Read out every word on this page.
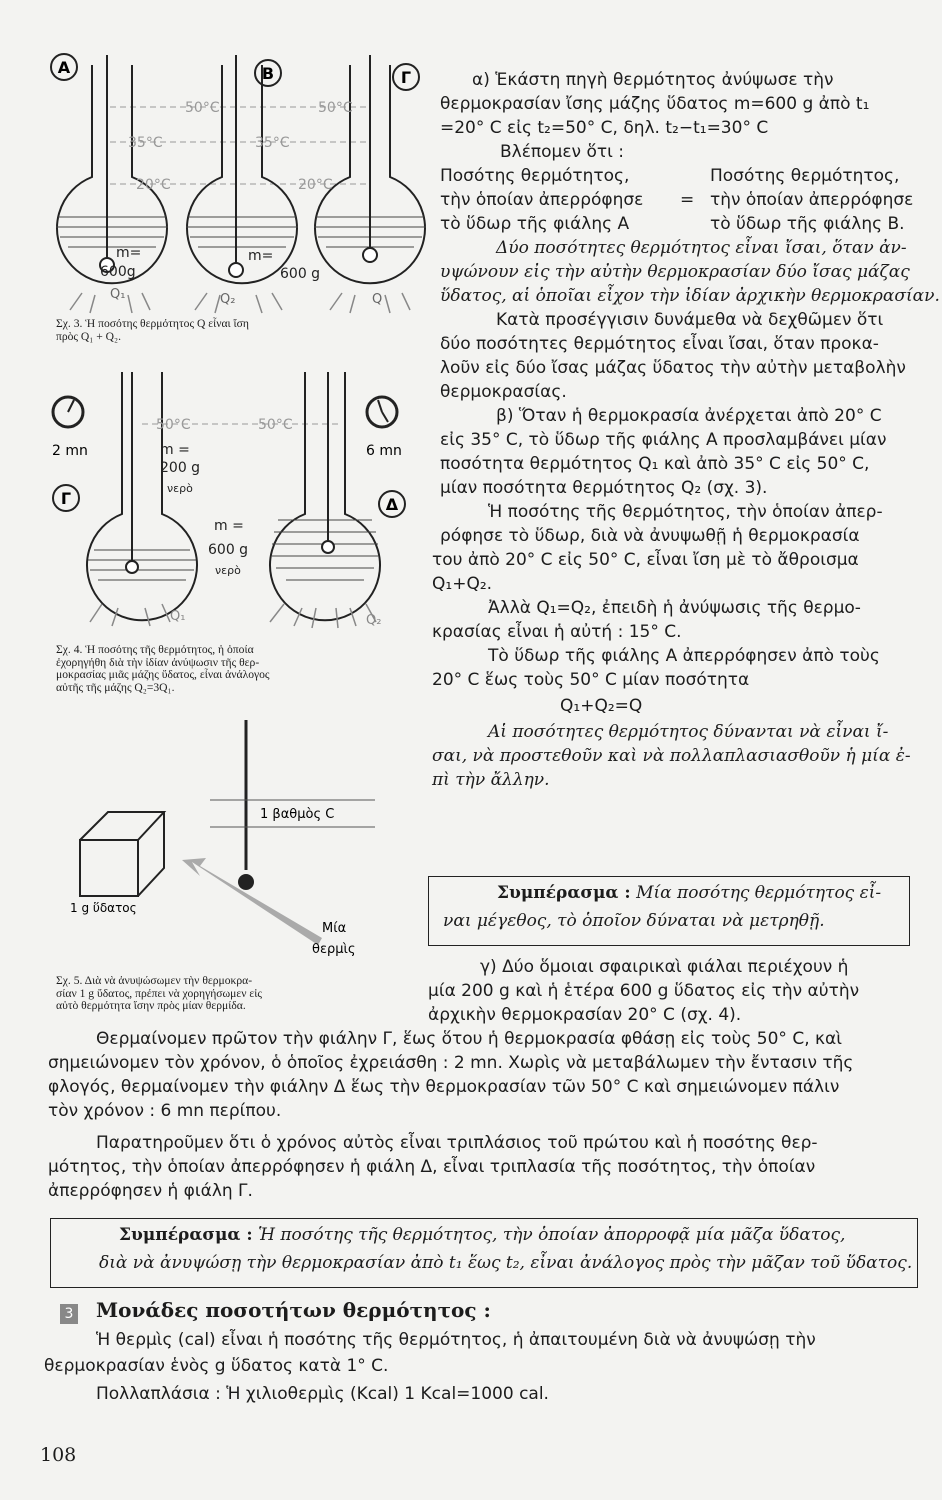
Α	Β	Γ
50°C	50°C
35°C	35°C
20°C	20°C
m=
600g
m=
600 g
Q₁	Q₂	Q
Σχ. 3. Ἡ ποσότης θερμότητος Q εἶναι ἴση
πρὸς Q₁ + Q₂.
Γ	Δ
2 mn	6 mn
50°C	50°C
m =
200 g
νερὸ
m =
600 g
νερὸ
Q₁	Q₂
Σχ. 4. Ἡ ποσότης τῆς θερμότητος, ἡ ὁποία
ἐχορηγήθη διὰ τὴν ἰδίαν ἀνύψωσιν τῆς θερ-
μοκρασίας μιᾶς μάζης ὕδατος, εἶναι ἀνάλογος
αὐτῆς τῆς μάζης Q₂=3Q₁.
1 βαθμὸς C
1 g ὕδατος
Μία
θερμὶς
Σχ. 5. Διὰ νὰ ἀνυψώσωμεν τὴν θερμοκρα-
σίαν 1 g ὕδατος, πρέπει νὰ χορηγήσωμεν εἰς
αὐτὸ θερμότητα ἴσην πρὸς μίαν θερμίδα.
α) Ἑκάστη πηγὴ θερμότητος ἀνύψωσε τὴν
θερμοκρασίαν ἴσης μάζης ὕδατος m=600 g ἀπὸ t₁
=20° C εἰς t₂=50° C, δηλ. t₂−t₁=30° C
Βλέπομεν ὅτι :
Ποσότης θερμότητος,	Ποσότης θερμότητος,
τὴν ὁποίαν ἀπερρόφησε = τὴν ὁποίαν ἀπερρόφησε
τὸ ὕδωρ τῆς φιάλης Α	τὸ ὕδωρ τῆς φιάλης Β.
Δύο ποσότητες θερμότητος εἶναι ἴσαι, ὅταν ἀν-
υψώνουν εἰς τὴν αὐτὴν θερμοκρασίαν δύο ἴσας μάζας
ὕδατος, αἱ ὁποῖαι εἶχον τὴν ἰδίαν ἀρχικὴν θερμοκρασίαν.
Κατὰ προσέγγισιν δυνάμεθα νὰ δεχθῶμεν ὅτι
δύο ποσότητες θερμότητος εἶναι ἴσαι, ὅταν προκα-
λοῦν εἰς δύο ἴσας μάζας ὕδατος τὴν αὐτὴν μεταβολὴν
θερμοκρασίας.
β) Ὅταν ἡ θερμοκρασία ἀνέρχεται ἀπὸ 20° C
εἰς 35° C, τὸ ὕδωρ τῆς φιάλης Α προσλαμβάνει μίαν
ποσότητα θερμότητος Q₁ καὶ ἀπὸ 35° C εἰς 50° C,
μίαν ποσότητα θερμότητος Q₂ (σχ. 3).
Ἡ ποσότης τῆς θερμότητος, τὴν ὁποίαν ἀπερ-
ρόφησε τὸ ὕδωρ, διὰ νὰ ἀνυψωθῇ ἡ θερμοκρασία
του ἀπὸ 20° C εἰς 50° C, εἶναι ἴση μὲ τὸ ἄθροισμα
Q₁+Q₂.
Ἀλλὰ Q₁=Q₂, ἐπειδὴ ἡ ἀνύψωσις τῆς θερμο-
κρασίας εἶναι ἡ αὐτή : 15° C.
Τὸ ὕδωρ τῆς φιάλης Α ἀπερρόφησεν ἀπὸ τοὺς
20° C ἕως τοὺς 50° C μίαν ποσότητα
Q₁+Q₂=Q
Αἱ ποσότητες θερμότητος δύνανται νὰ εἶναι ἴ-
σαι, νὰ προστεθοῦν καὶ νὰ πολλαπλασιασθοῦν ἡ μία ἐ-
πὶ τὴν ἄλλην.
Συμπέρασμα : Μία ποσότης θερμότητος εἶ-
ναι μέγεθος, τὸ ὁποῖον δύναται νὰ μετρηθῇ.
γ) Δύο ὅμοιαι σφαιρικαὶ φιάλαι περιέχουν ἡ
μία 200 g καὶ ἡ ἑτέρα 600 g ὕδατος εἰς τὴν αὐτὴν
ἀρχικὴν θερμοκρασίαν 20° C (σχ. 4).
Θερμαίνομεν πρῶτον τὴν φιάλην Γ, ἕως ὅτου ἡ θερμοκρασία φθάσῃ εἰς τοὺς 50° C, καὶ
σημειώνομεν τὸν χρόνον, ὁ ὁποῖος ἐχρειάσθη : 2 mn. Χωρὶς νὰ μεταβάλωμεν τὴν ἔντασιν τῆς
φλογός, θερμαίνομεν τὴν φιάλην Δ ἕως τὴν θερμοκρασίαν τῶν 50° C καὶ σημειώνομεν πάλιν
τὸν χρόνον : 6 mn περίπου.
Παρατηροῦμεν ὅτι ὁ χρόνος αὐτὸς εἶναι τριπλάσιος τοῦ πρώτου καὶ ἡ ποσότης θερ-
μότητος, τὴν ὁποίαν ἀπερρόφησεν ἡ φιάλη Δ, εἶναι τριπλασία τῆς ποσότητος, τὴν ὁποίαν
ἀπερρόφησεν ἡ φιάλη Γ.
Συμπέρασμα : Ἡ ποσότης τῆς θερμότητος, τὴν ὁποίαν ἀπορροφᾷ μία μᾶζα ὕδατος,
διὰ νὰ ἀνυψώσῃ τὴν θερμοκρασίαν ἀπὸ t₁ ἕως t₂, εἶναι ἀνάλογος πρὸς τὴν μᾶζαν τοῦ ὕδατος.
3 Μονάδες ποσοτήτων θερμότητος :
Ἡ θερμὶς (cal) εἶναι ἡ ποσότης τῆς θερμότητος, ἡ ἀπαιτουμένη διὰ νὰ ἀνυψώσῃ τὴν
θερμοκρασίαν ἑνὸς g ὕδατος κατὰ 1° C.
Πολλαπλάσια : Ἡ χιλιοθερμὶς (Kcal) 1 Kcal=1000 cal.
108
